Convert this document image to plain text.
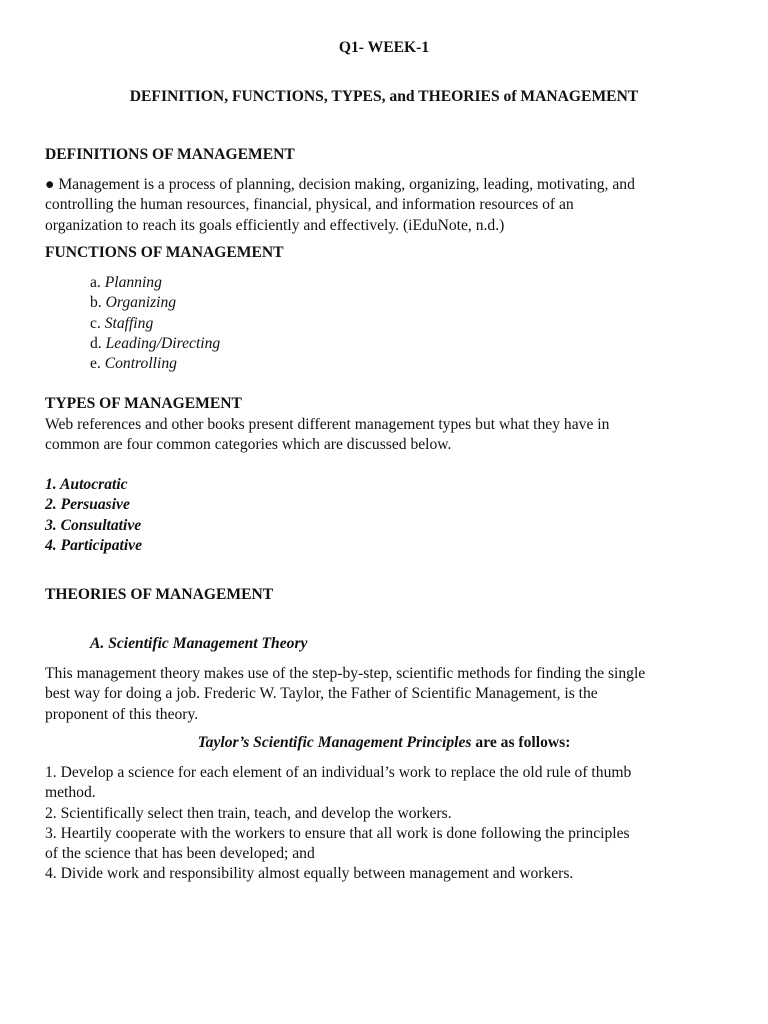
Q1- WEEK-1
DEFINITION, FUNCTIONS, TYPES, and THEORIES of MANAGEMENT
DEFINITIONS OF MANAGEMENT
● Management is a process of planning, decision making, organizing, leading, motivating, and
controlling the human resources, financial, physical, and information resources of an
organization to reach its goals efficiently and effectively. (iEduNote, n.d.)
FUNCTIONS OF MANAGEMENT
a. Planning
b. Organizing
c. Staffing
d. Leading/Directing
e. Controlling
TYPES OF MANAGEMENT
Web references and other books present different management types but what they have in
common are four common categories which are discussed below.
1. Autocratic
2. Persuasive
3. Consultative
4. Participative
THEORIES OF MANAGEMENT
A. Scientific Management Theory
This management theory makes use of the step-by-step, scientific methods for finding the single
best way for doing a job. Frederic W. Taylor, the Father of Scientific Management, is the
proponent of this theory.
Taylor’s Scientific Management Principles are as follows:
1. Develop a science for each element of an individual’s work to replace the old rule of thumb
method.
2. Scientifically select then train, teach, and develop the workers.
3. Heartily cooperate with the workers to ensure that all work is done following the principles
of the science that has been developed; and
4. Divide work and responsibility almost equally between management and workers.
